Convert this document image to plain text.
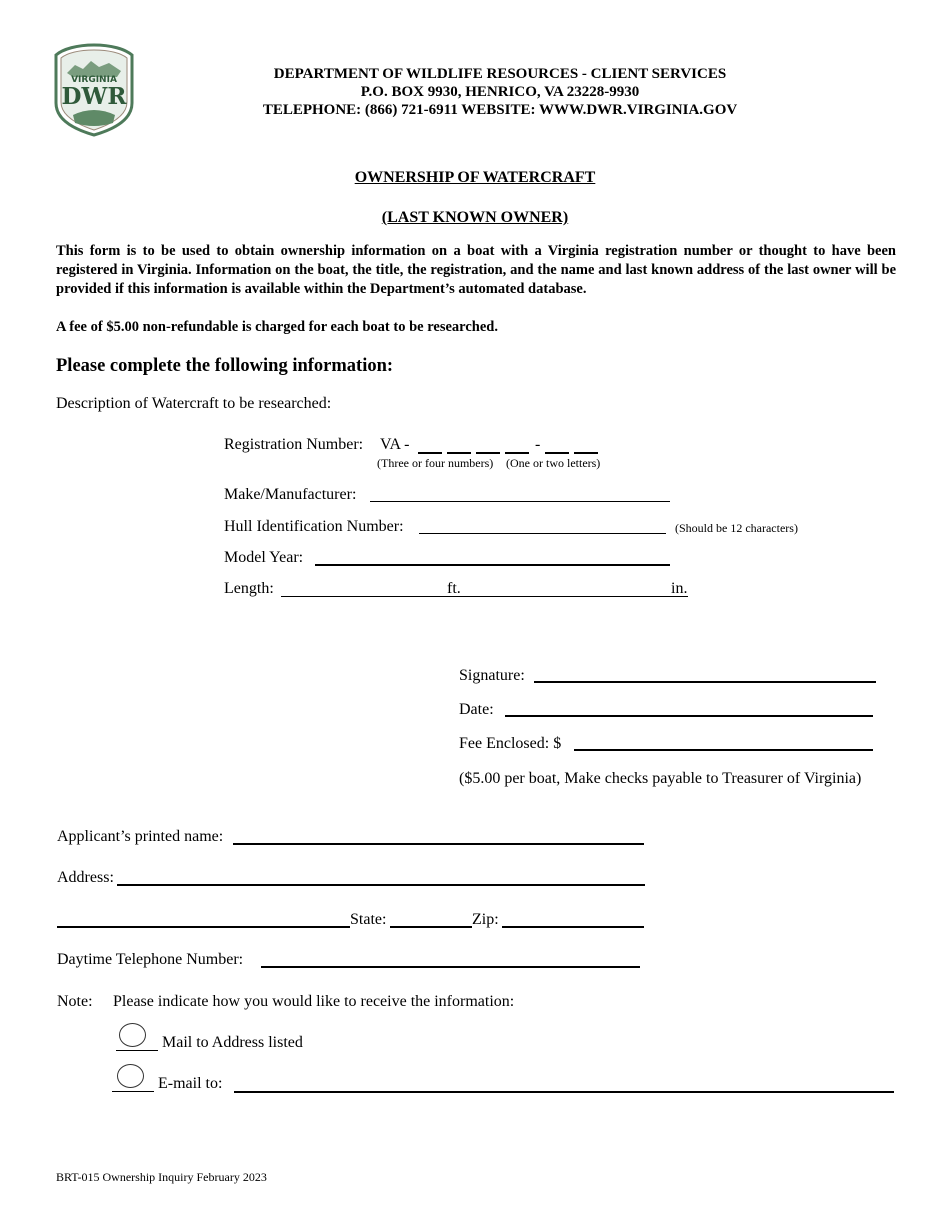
VIRGINIA
DWR
DEPARTMENT OF WILDLIFE RESOURCES - CLIENT SERVICES
P.O. BOX 9930, HENRICO, VA 23228-9930
TELEPHONE: (866) 721-6911 WEBSITE: WWW.DWR.VIRGINIA.GOV
OWNERSHIP OF WATERCRAFT
(LAST KNOWN OWNER)
This form is to be used to obtain ownership information on a boat with a Virginia registration number or thought to have been registered in Virginia. Information on the boat, the title, the registration, and the name and last known address of the last owner will be provided if this information is available within the Department’s automated database.
A fee of $5.00 non-refundable is charged for each boat to be researched.
Please complete the following information:
Description of Watercraft to be researched:
Registration Number: VA -	-
(Three or four numbers) (One or two letters)
Make/Manufacturer:
Hull Identification Number:	(Should be 12 characters)
Model Year:
Length:	ft.	in.
Signature:
Date:
Fee Enclosed: $
($5.00 per boat, Make checks payable to Treasurer of Virginia)
Applicant’s printed name:
Address:
State:	Zip:
Daytime Telephone Number:
Note: Please indicate how you would like to receive the information:
Mail to Address listed
E-mail to:
BRT-015 Ownership Inquiry February 2023
